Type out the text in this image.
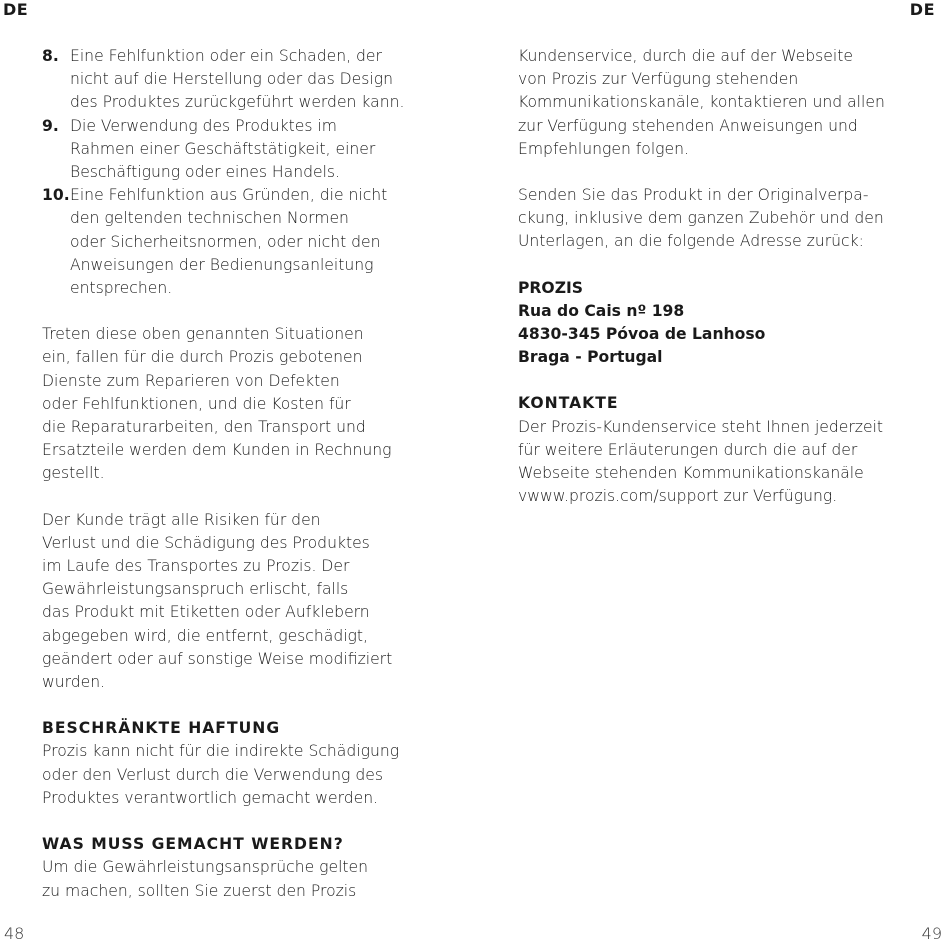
DE	DE
8. Eine Fehlfunktion oder ein Schaden, der
nicht auf die Herstellung oder das Design
des Produktes zurückgeführt werden kann.
9. Die Verwendung des Produktes im
Rahmen einer Geschäftstätigkeit, einer
Beschäftigung oder eines Handels.
10. Eine Fehlfunktion aus Gründen, die nicht
den geltenden technischen Normen
oder Sicherheitsnormen, oder nicht den
Anweisungen der Bedienungsanleitung
entsprechen.
Treten diese oben genannten Situationen
ein, fallen für die durch Prozis gebotenen
Dienste zum Reparieren von Defekten
oder Fehlfunktionen, und die Kosten für
die Reparaturarbeiten, den Transport und
Ersatzteile werden dem Kunden in Rechnung
gestellt.
Der Kunde trägt alle Risiken für den
Verlust und die Schädigung des Produktes
im Laufe des Transportes zu Prozis. Der
Gewährleistungsanspruch erlischt, falls
das Produkt mit Etiketten oder Aufklebern
abgegeben wird, die entfernt, geschädigt,
geändert oder auf sonstige Weise modifiziert
wurden.
BESCHRÄNKTE HAFTUNG
Prozis kann nicht für die indirekte Schädigung
oder den Verlust durch die Verwendung des
Produktes verantwortlich gemacht werden.
WAS MUSS GEMACHT WERDEN?
Um die Gewährleistungsansprüche gelten
zu machen, sollten Sie zuerst den Prozis
Kundenservice, durch die auf der Webseite
von Prozis zur Verfügung stehenden
Kommunikationskanäle, kontaktieren und allen
zur Verfügung stehenden Anweisungen und
Empfehlungen folgen.
Senden Sie das Produkt in der Originalverpa-
ckung, inklusive dem ganzen Zubehör und den
Unterlagen, an die folgende Adresse zurück:
PROZIS
Rua do Cais nº 198
4830-345 Póvoa de Lanhoso
Braga - Portugal
KONTAKTE
Der Prozis-Kundenservice steht Ihnen jederzeit
für weitere Erläuterungen durch die auf der
Webseite stehenden Kommunikationskanäle
vwww.prozis.com/support zur Verfügung.
48	49
